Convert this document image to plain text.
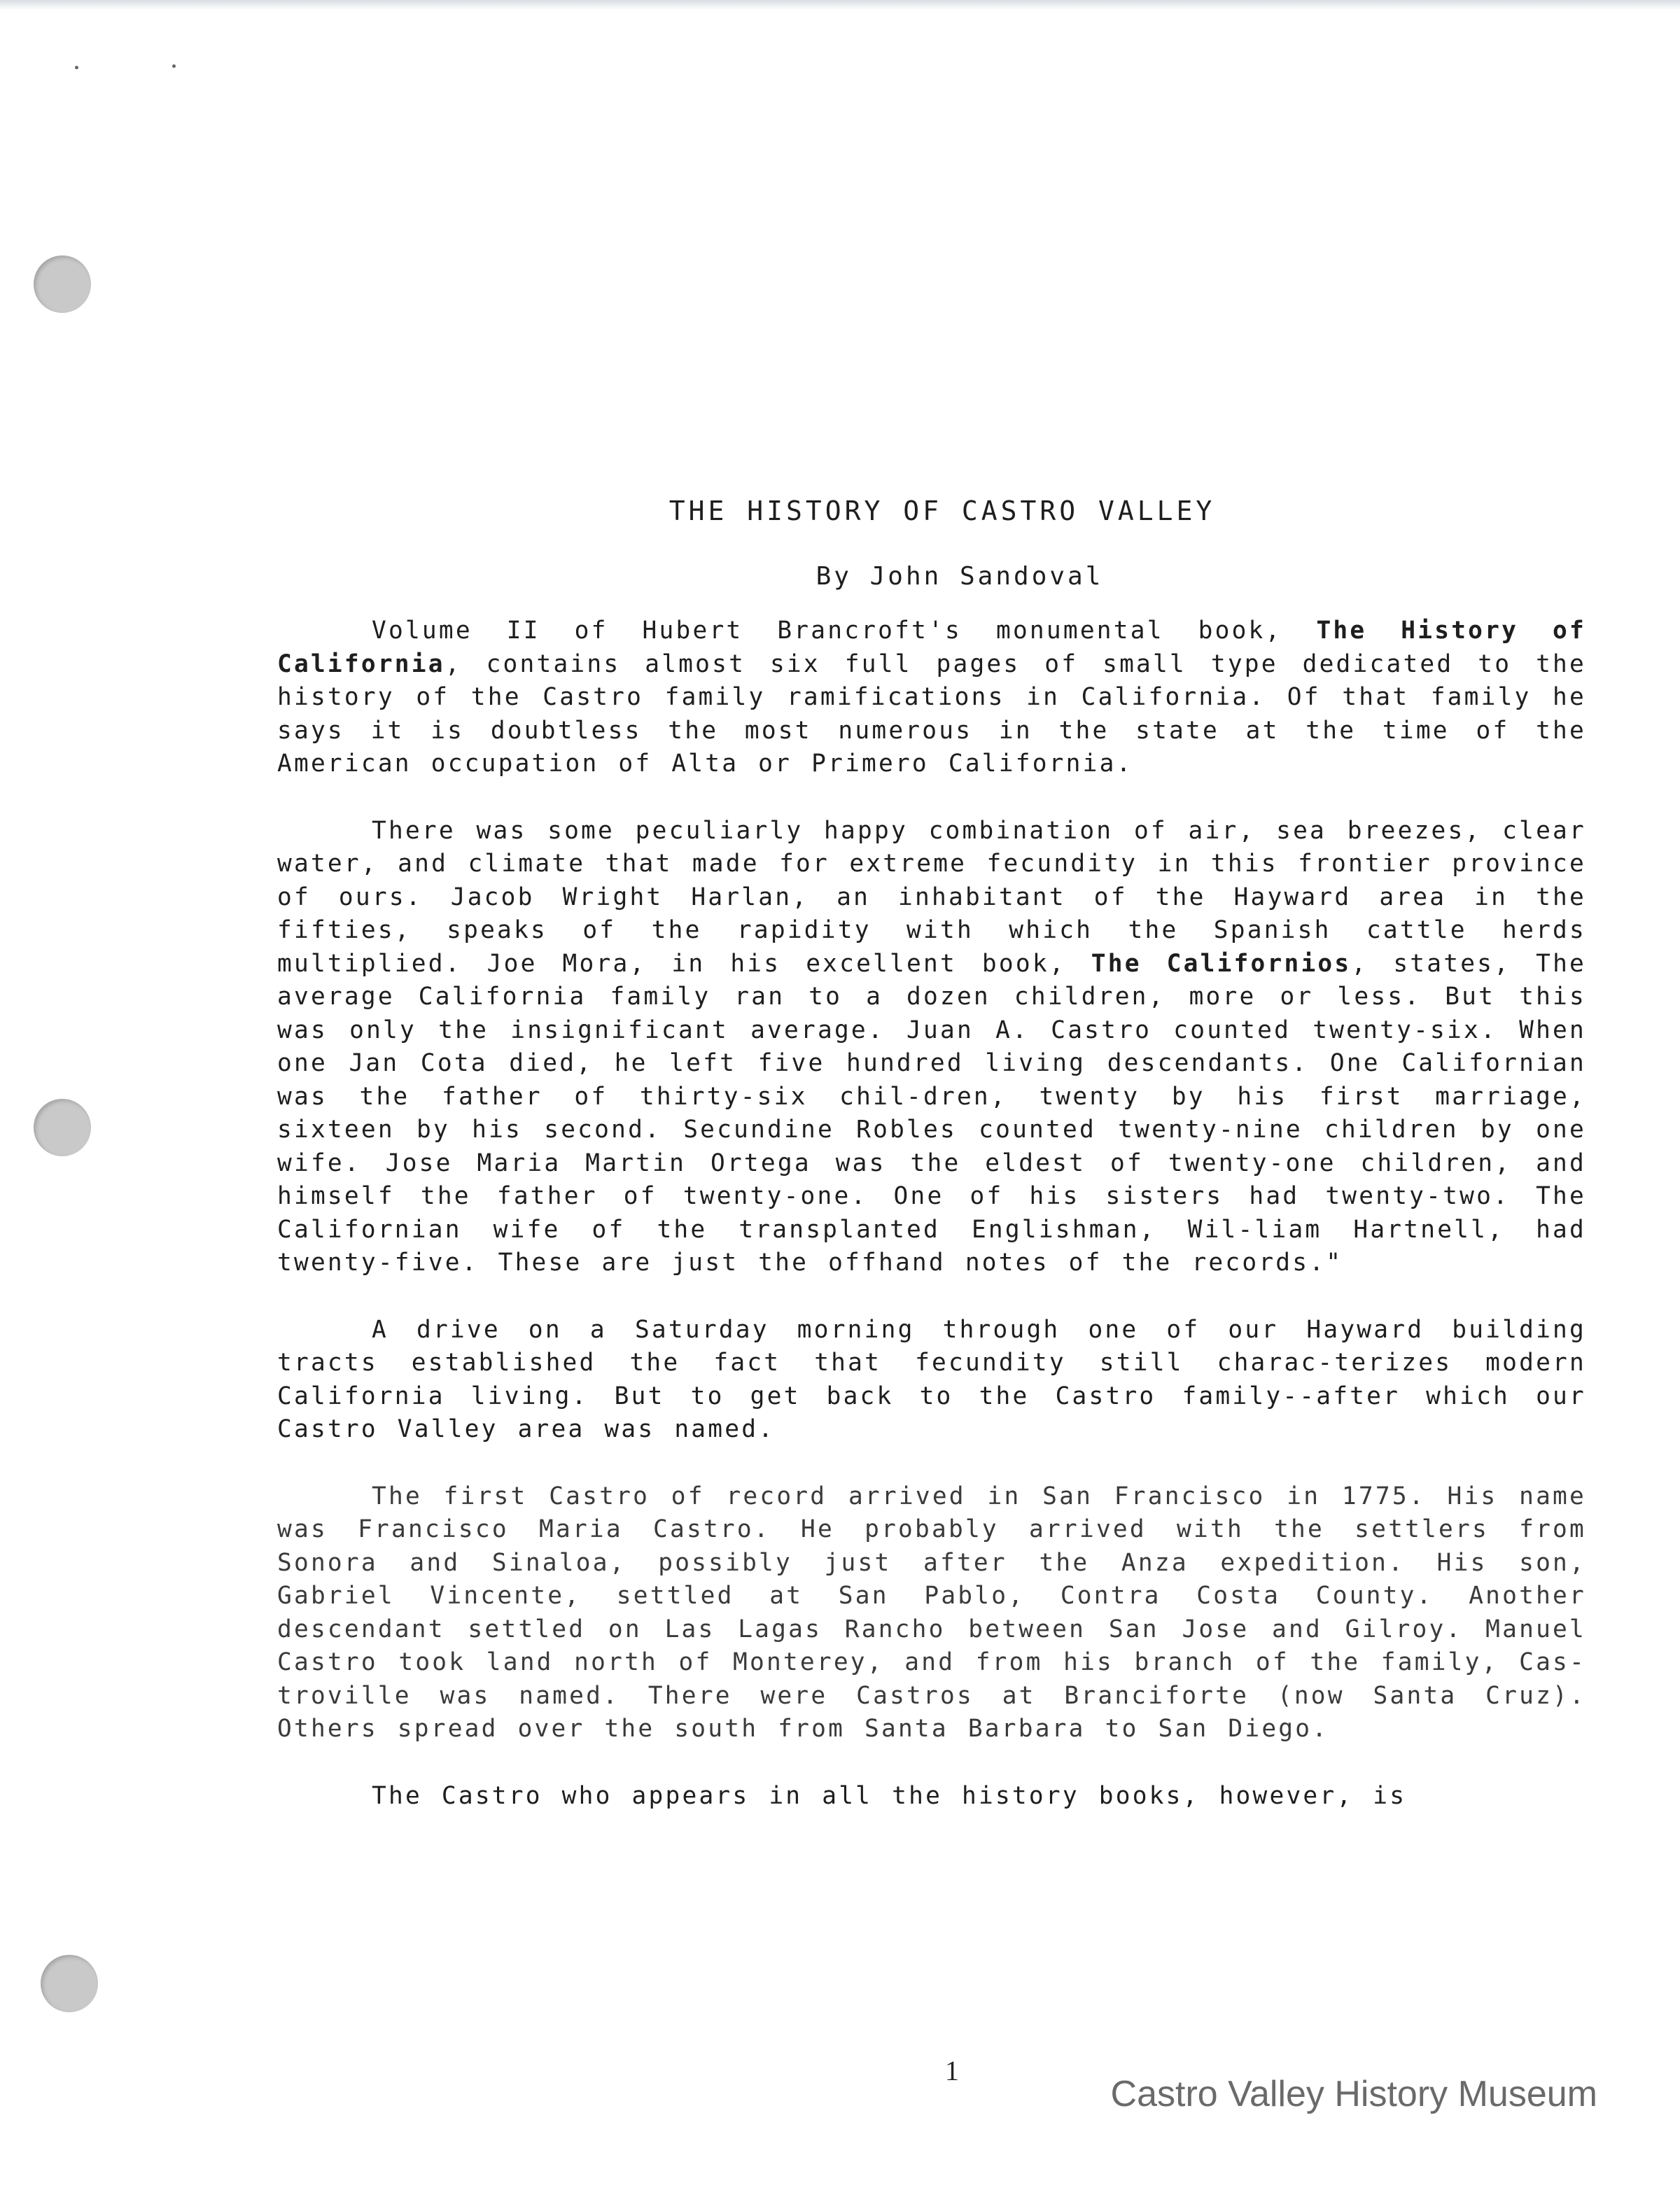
THE HISTORY OF CASTRO VALLEY

By John Sandoval

Volume II of Hubert Brancroft's monumental book, The History of California, contains almost six full pages of small type dedicated to the history of the Castro family ramifications in California. Of that family he says it is doubtless the most numerous in the state at the time of the American occupation of Alta or Primero California.

There was some peculiarly happy combination of air, sea breezes, clear water, and climate that made for extreme fecundity in this frontier province of ours. Jacob Wright Harlan, an inhabitant of the Hayward area in the fifties, speaks of the rapidity with which the Spanish cattle herds multiplied. Joe Mora, in his excellent book, The Californios, states, The average California family ran to a dozen children, more or less. But this was only the insignificant average. Juan A. Castro counted twenty-six. When one Jan Cota died, he left five hundred living descendants. One Californian was the father of thirty-six chil-dren, twenty by his first marriage, sixteen by his second. Secundine Robles counted twenty-nine children by one wife. Jose Maria Martin Ortega was the eldest of twenty-one children, and himself the father of twenty-one. One of his sisters had twenty-two. The Californian wife of the transplanted Englishman, Wil-liam Hartnell, had twenty-five. These are just the offhand notes of the records."

A drive on a Saturday morning through one of our Hayward building tracts established the fact that fecundity still charac-terizes modern California living. But to get back to the Castro family--after which our Castro Valley area was named.

The first Castro of record arrived in San Francisco in 1775. His name was Francisco Maria Castro. He probably arrived with the settlers from Sonora and Sinaloa, possibly just after the Anza expedition. His son, Gabriel Vincente, settled at San Pablo, Contra Costa County. Another descendant settled on Las Lagas Rancho between San Jose and Gilroy. Manuel Castro took land north of Monterey, and from his branch of the family, Cas-troville was named. There were Castros at Branciforte (now Santa Cruz). Others spread over the south from Santa Barbara to San Diego.

The Castro who appears in all the history books, however, is

1
Castro Valley History Museum
